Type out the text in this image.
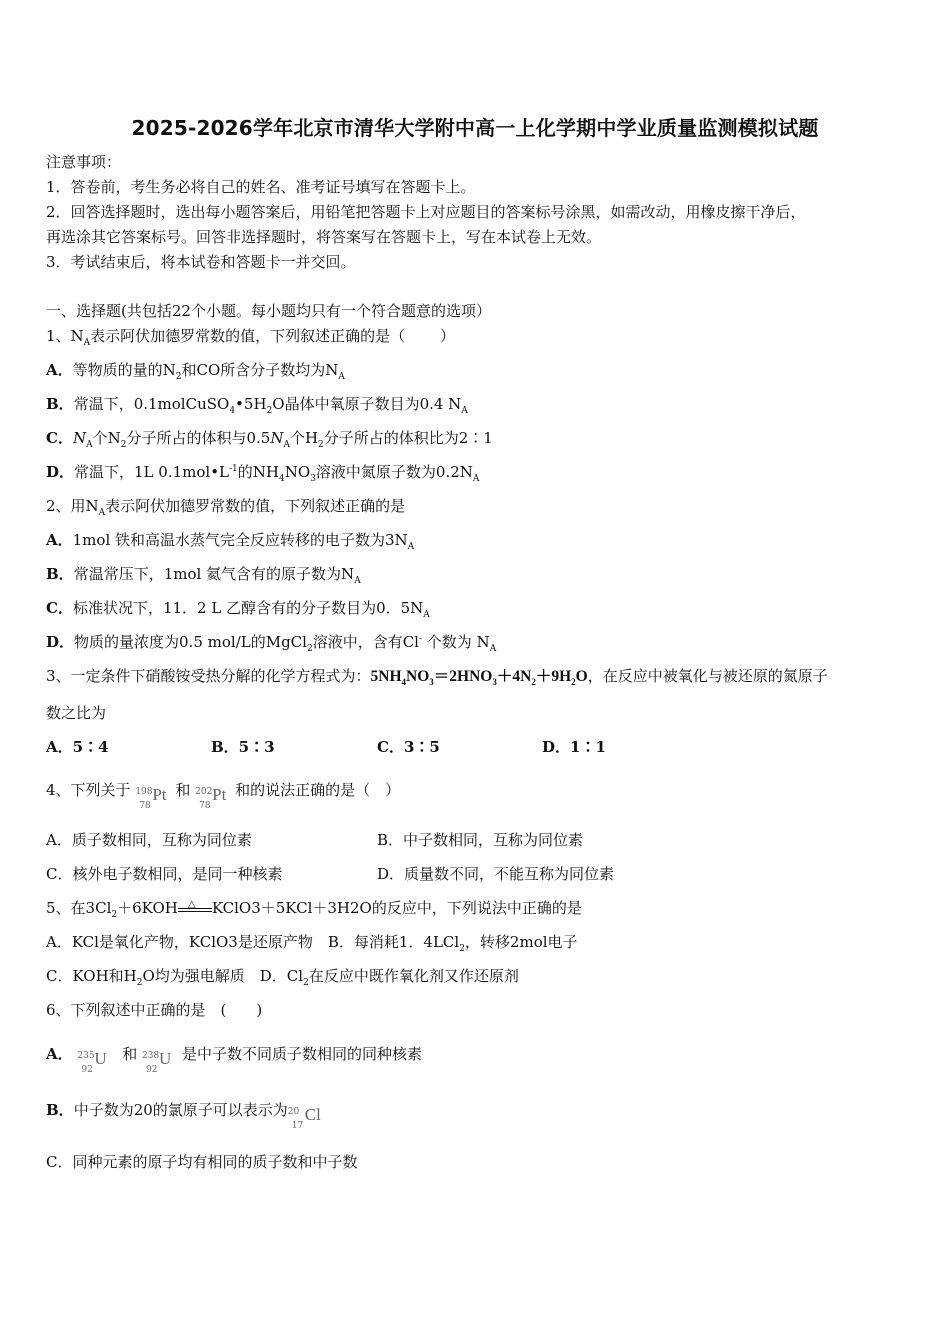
2025-2026学年北京市清华大学附中高一上化学期中学业质量监测模拟试题
注意事项：
1．答卷前，考生务必将自己的姓名、准考证号填写在答题卡上。
2．回答选择题时，选出每小题答案后，用铅笔把答题卡上对应题目的答案标号涂黑，如需改动，用橡皮擦干净后，
再选涂其它答案标号。回答非选择题时，将答案写在答题卡上，写在本试卷上无效。
3．考试结束后，将本试卷和答题卡一并交回。
一、选择题(共包括22个小题。每小题均只有一个符合题意的选项）
1、$N_A$表示阿伏加德罗常数的值，下列叙述正确的是（　　 ）
A．等物质的量的$N_2$和CO所含分子数均为$N_A$
B．常温下，$0.1molCuSO_4•5H_2O$晶体中氧原子数目为0.4 $N_A$
C．$N_A$个$N_2$分子所占的体积与$0.5N_A$个$H_2$分子所占的体积比为2∶1
D．常温下，1L $0.1mol•L^{-1}$的$NH_4NO_3$溶液中氮原子数为$0.2N_A$
2、用$N_A$表示阿伏加德罗常数的值，下列叙述正确的是
A．1mol 铁和高温水蒸气完全反应转移的电子数为$3N_A$
B．常温常压下，1mol 氦气含有的原子数为$N_A$
C．标准状况下，11．2 L 乙醇含有的分子数目为0．$5N_A$
D．物质的量浓度为0.5 mol/L的MgCl$_2$溶液中，含有Cl- 个数为 $N_A$
3、一定条件下硝酸铵受热分解的化学方程式为：$5NH_4NO_3=2HNO_3+4N_2+9H_2O$，在反应中被氧化与被还原的氮原子
数之比为
A．5∶4	B．5∶3	C．3∶5	D．1∶1
4、下列关于 198
78
Pt 和 202
78
Pt 和的说法正确的是（　）
A．质子数相同，互称为同位素	B．中子数相同，互称为同位素
C．核外电子数相同，是同一种核素	D．质量数不同，不能互称为同位素
5、在$3Cl_2+6KOH$ △ KClO3＋5KCl＋3H2O的反应中，下列说法中正确的是
A．KCl是氧化产物，KClO3是还原产物　B．每消耗1．4LCl$_2$，转移2mol电子
C．KOH和$H_2O$均为强电解质　D．$Cl_2$在反应中既作氧化剂又作还原剂
6、下列叙述中正确的是　(　　)
A． 235
92
U 和 238
92
U 是中子数不同质子数相同的同种核素
B．中子数为20的氯原子可以表示为 20
17
Cl
C．同种元素的原子均有相同的质子数和中子数
